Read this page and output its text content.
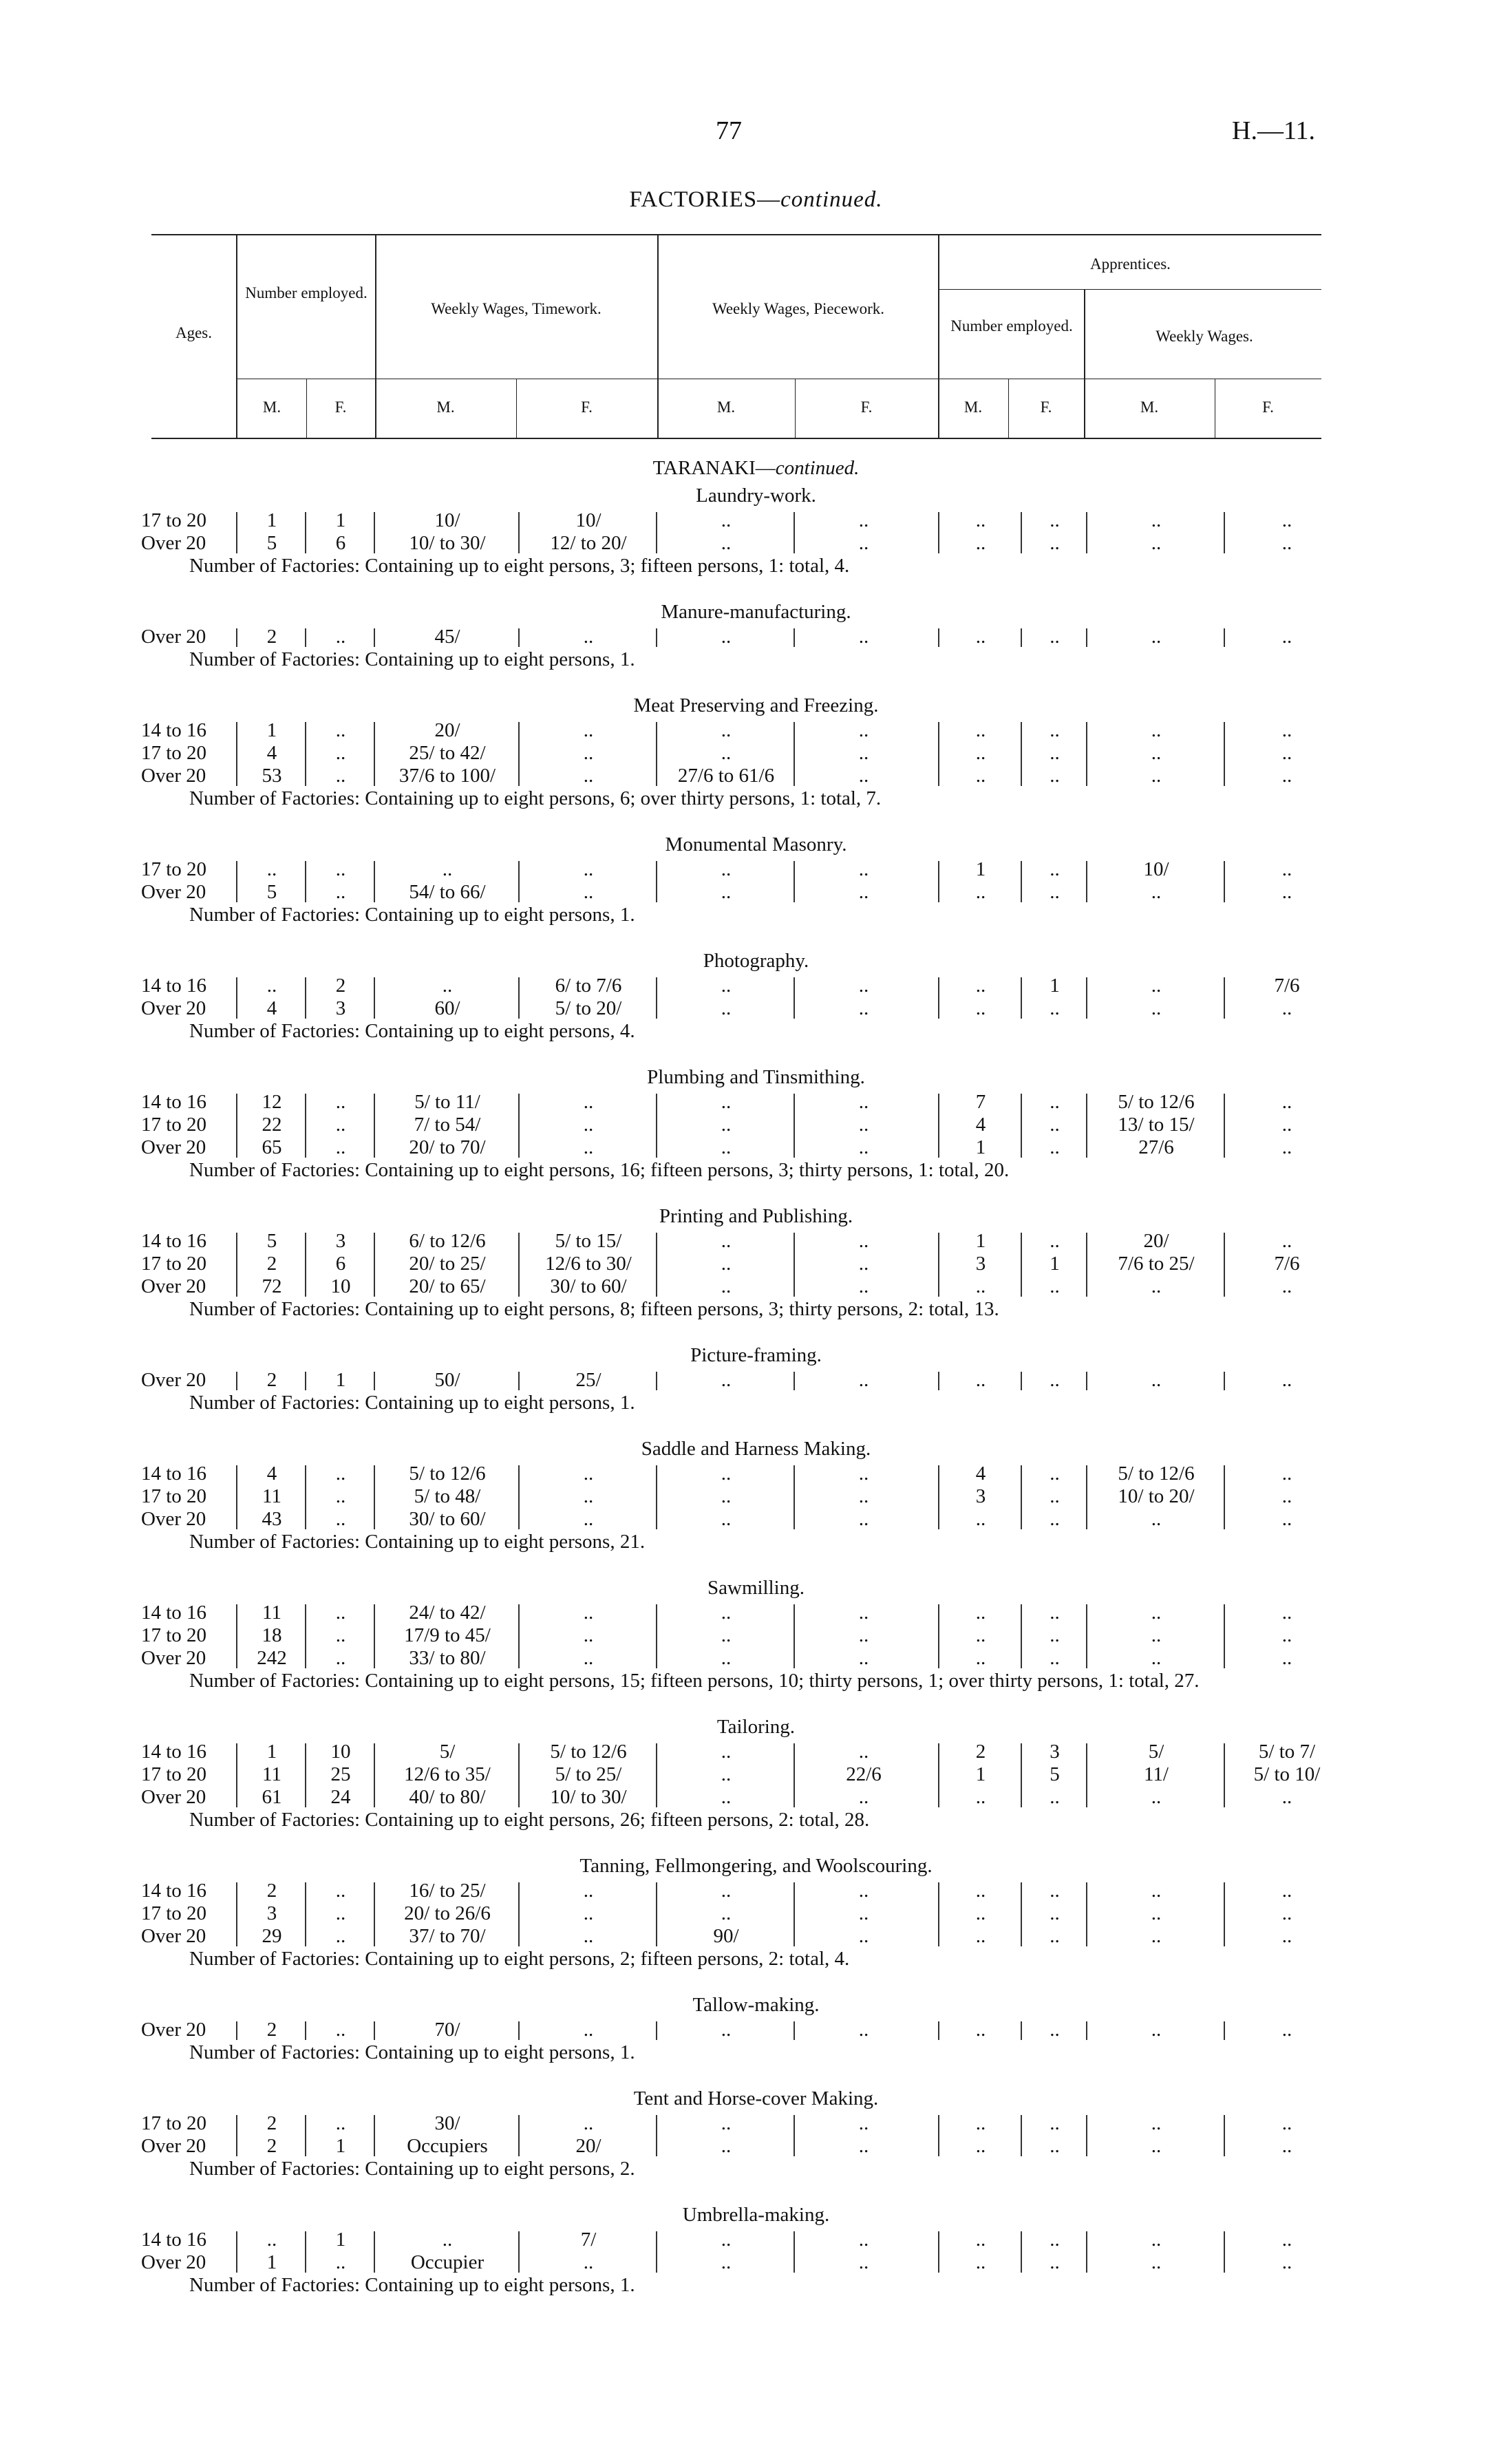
77	H.—11.
FACTORIES—continued.
Ages.
Number employed.
Weekly Wages, Timework.	Weekly Wages, Piecework.
Apprentices.
Number employed.
Weekly Wages.
M.	F.	M.	F.	M.	F.	M.	F.	M.	F.
TARANAKI—continued.
Laundry-work.
17 to 20	1	1	10/	10/	..	..	..	..	..	..
Over 20	5	6	10/ to 30/	12/ to 20/	..	..	..	..	..	..
Number of Factories: Containing up to eight persons, 3; fifteen persons, 1: total, 4.
Manure-manufacturing.
Over 20	2	..	45/	..	..	..	..	..	..	..
Number of Factories: Containing up to eight persons, 1.
Meat Preserving and Freezing.
14 to 16	1	..	20/	..	..	..	..	..	..	..
17 to 20	4	..	25/ to 42/	..	..	..	..	..	..	..
Over 20	53	..	37/6 to 100/	..	27/6 to 61/6	..	..	..	..	..
Number of Factories: Containing up to eight persons, 6; over thirty persons, 1: total, 7.
Monumental Masonry.
17 to 20	..	..	..	..	..	..	1	..	10/	..
Over 20	5	..	54/ to 66/	..	..	..	..	..	..	..
Number of Factories: Containing up to eight persons, 1.
Photography.
14 to 16	..	2	..	6/ to 7/6	..	..	..	1	..	7/6
Over 20	4	3	60/	5/ to 20/	..	..	..	..	..	..
Number of Factories: Containing up to eight persons, 4.
Plumbing and Tinsmithing.
14 to 16	12	..	5/ to 11/	..	..	..	7	..	5/ to 12/6	..
17 to 20	22	..	7/ to 54/	..	..	..	4	..	13/ to 15/	..
Over 20	65	..	20/ to 70/	..	..	..	1	..	27/6	..
Number of Factories: Containing up to eight persons, 16; fifteen persons, 3; thirty persons, 1: total, 20.
Printing and Publishing.
14 to 16	5	3	6/ to 12/6	5/ to 15/	..	..	1	..	20/	..
17 to 20	2	6	20/ to 25/	12/6 to 30/	..	..	3	1	7/6 to 25/	7/6
Over 20	72	10	20/ to 65/	30/ to 60/	..	..	..	..	..	..
Number of Factories: Containing up to eight persons, 8; fifteen persons, 3; thirty persons, 2: total, 13.
Picture-framing.
Over 20	2	1	50/	25/	..	..	..	..	..	..
Number of Factories: Containing up to eight persons, 1.
Saddle and Harness Making.
14 to 16	4	..	5/ to 12/6	..	..	..	4	..	5/ to 12/6	..
17 to 20	11	..	5/ to 48/	..	..	..	3	..	10/ to 20/	..
Over 20	43	..	30/ to 60/	..	..	..	..	..	..	..
Number of Factories: Containing up to eight persons, 21.
Sawmilling.
14 to 16	11	..	24/ to 42/	..	..	..	..	..	..	..
17 to 20	18	..	17/9 to 45/	..	..	..	..	..	..	..
Over 20	242	..	33/ to 80/	..	..	..	..	..	..	..
Number of Factories: Containing up to eight persons, 15; fifteen persons, 10; thirty persons, 1; over thirty persons, 1: total, 27.
Tailoring.
14 to 16	1	10	5/	5/ to 12/6	..	..	2	3	5/	5/ to 7/
17 to 20	11	25	12/6 to 35/	5/ to 25/	..	22/6	1	5	11/	5/ to 10/
Over 20	61	24	40/ to 80/	10/ to 30/	..	..	..	..	..	..
Number of Factories: Containing up to eight persons, 26; fifteen persons, 2: total, 28.
Tanning, Fellmongering, and Woolscouring.
14 to 16	2	..	16/ to 25/	..	..	..	..	..	..	..
17 to 20	3	..	20/ to 26/6	..	..	..	..	..	..	..
Over 20	29	..	37/ to 70/	..	90/	..	..	..	..	..
Number of Factories: Containing up to eight persons, 2; fifteen persons, 2: total, 4.
Tallow-making.
Over 20	2	..	70/	..	..	..	..	..	..	..
Number of Factories: Containing up to eight persons, 1.
Tent and Horse-cover Making.
17 to 20	2	..	30/	..	..	..	..	..	..	..
Over 20	2	1	Occupiers	20/	..	..	..	..	..	..
Number of Factories: Containing up to eight persons, 2.
Umbrella-making.
14 to 16	..	1	..	7/	..	..	..	..	..	..
Over 20	1	..	Occupier	..	..	..	..	..	..	..
Number of Factories: Containing up to eight persons, 1.
